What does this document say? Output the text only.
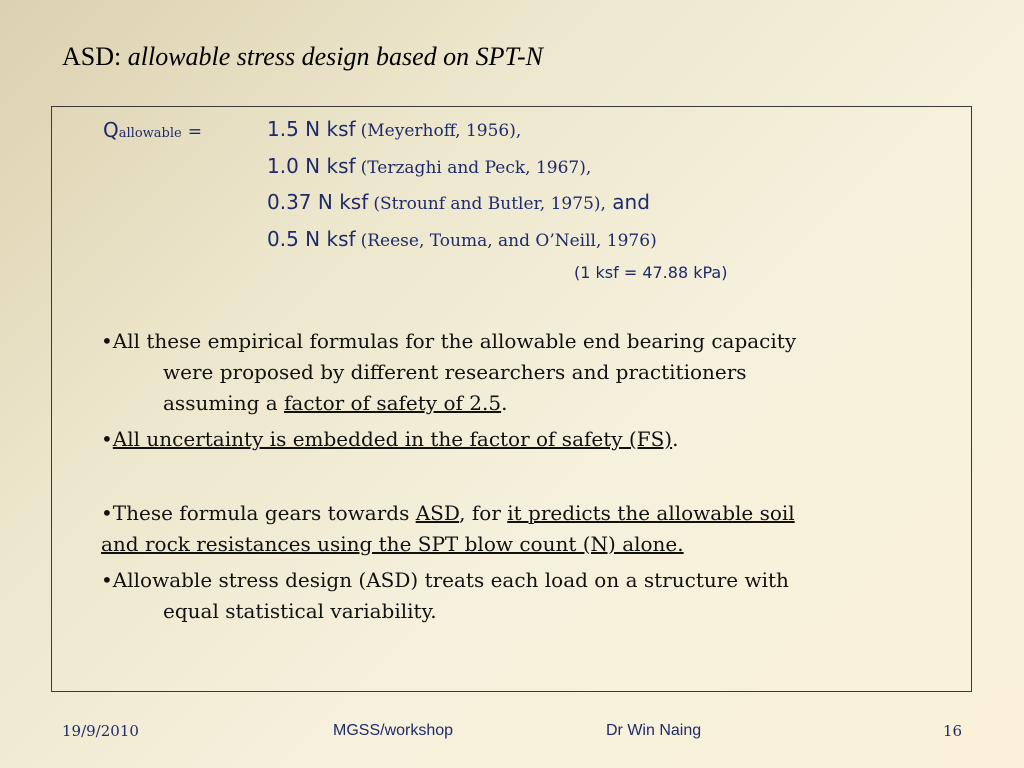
ASD: allowable stress design based on SPT-N
Qallowable =	1.5 N ksf (Meyerhoff, 1956),
1.0 N ksf (Terzaghi and Peck, 1967),
0.37 N ksf (Strounf and Butler, 1975), and
0.5 N ksf (Reese, Touma, and O’Neill, 1976)
(1 ksf = 47.88 kPa)
•All these empirical formulas for the allowable end bearing capacity
were proposed by different researchers and practitioners
assuming a factor of safety of 2.5.
•All uncertainty is embedded in the factor of safety (FS).
•These formula gears towards ASD, for it predicts the allowable soil
and rock resistances using the SPT blow count (N) alone.
•Allowable stress design (ASD) treats each load on a structure with
equal statistical variability.
19/9/2010	MGSS/workshop	Dr Win Naing	16
